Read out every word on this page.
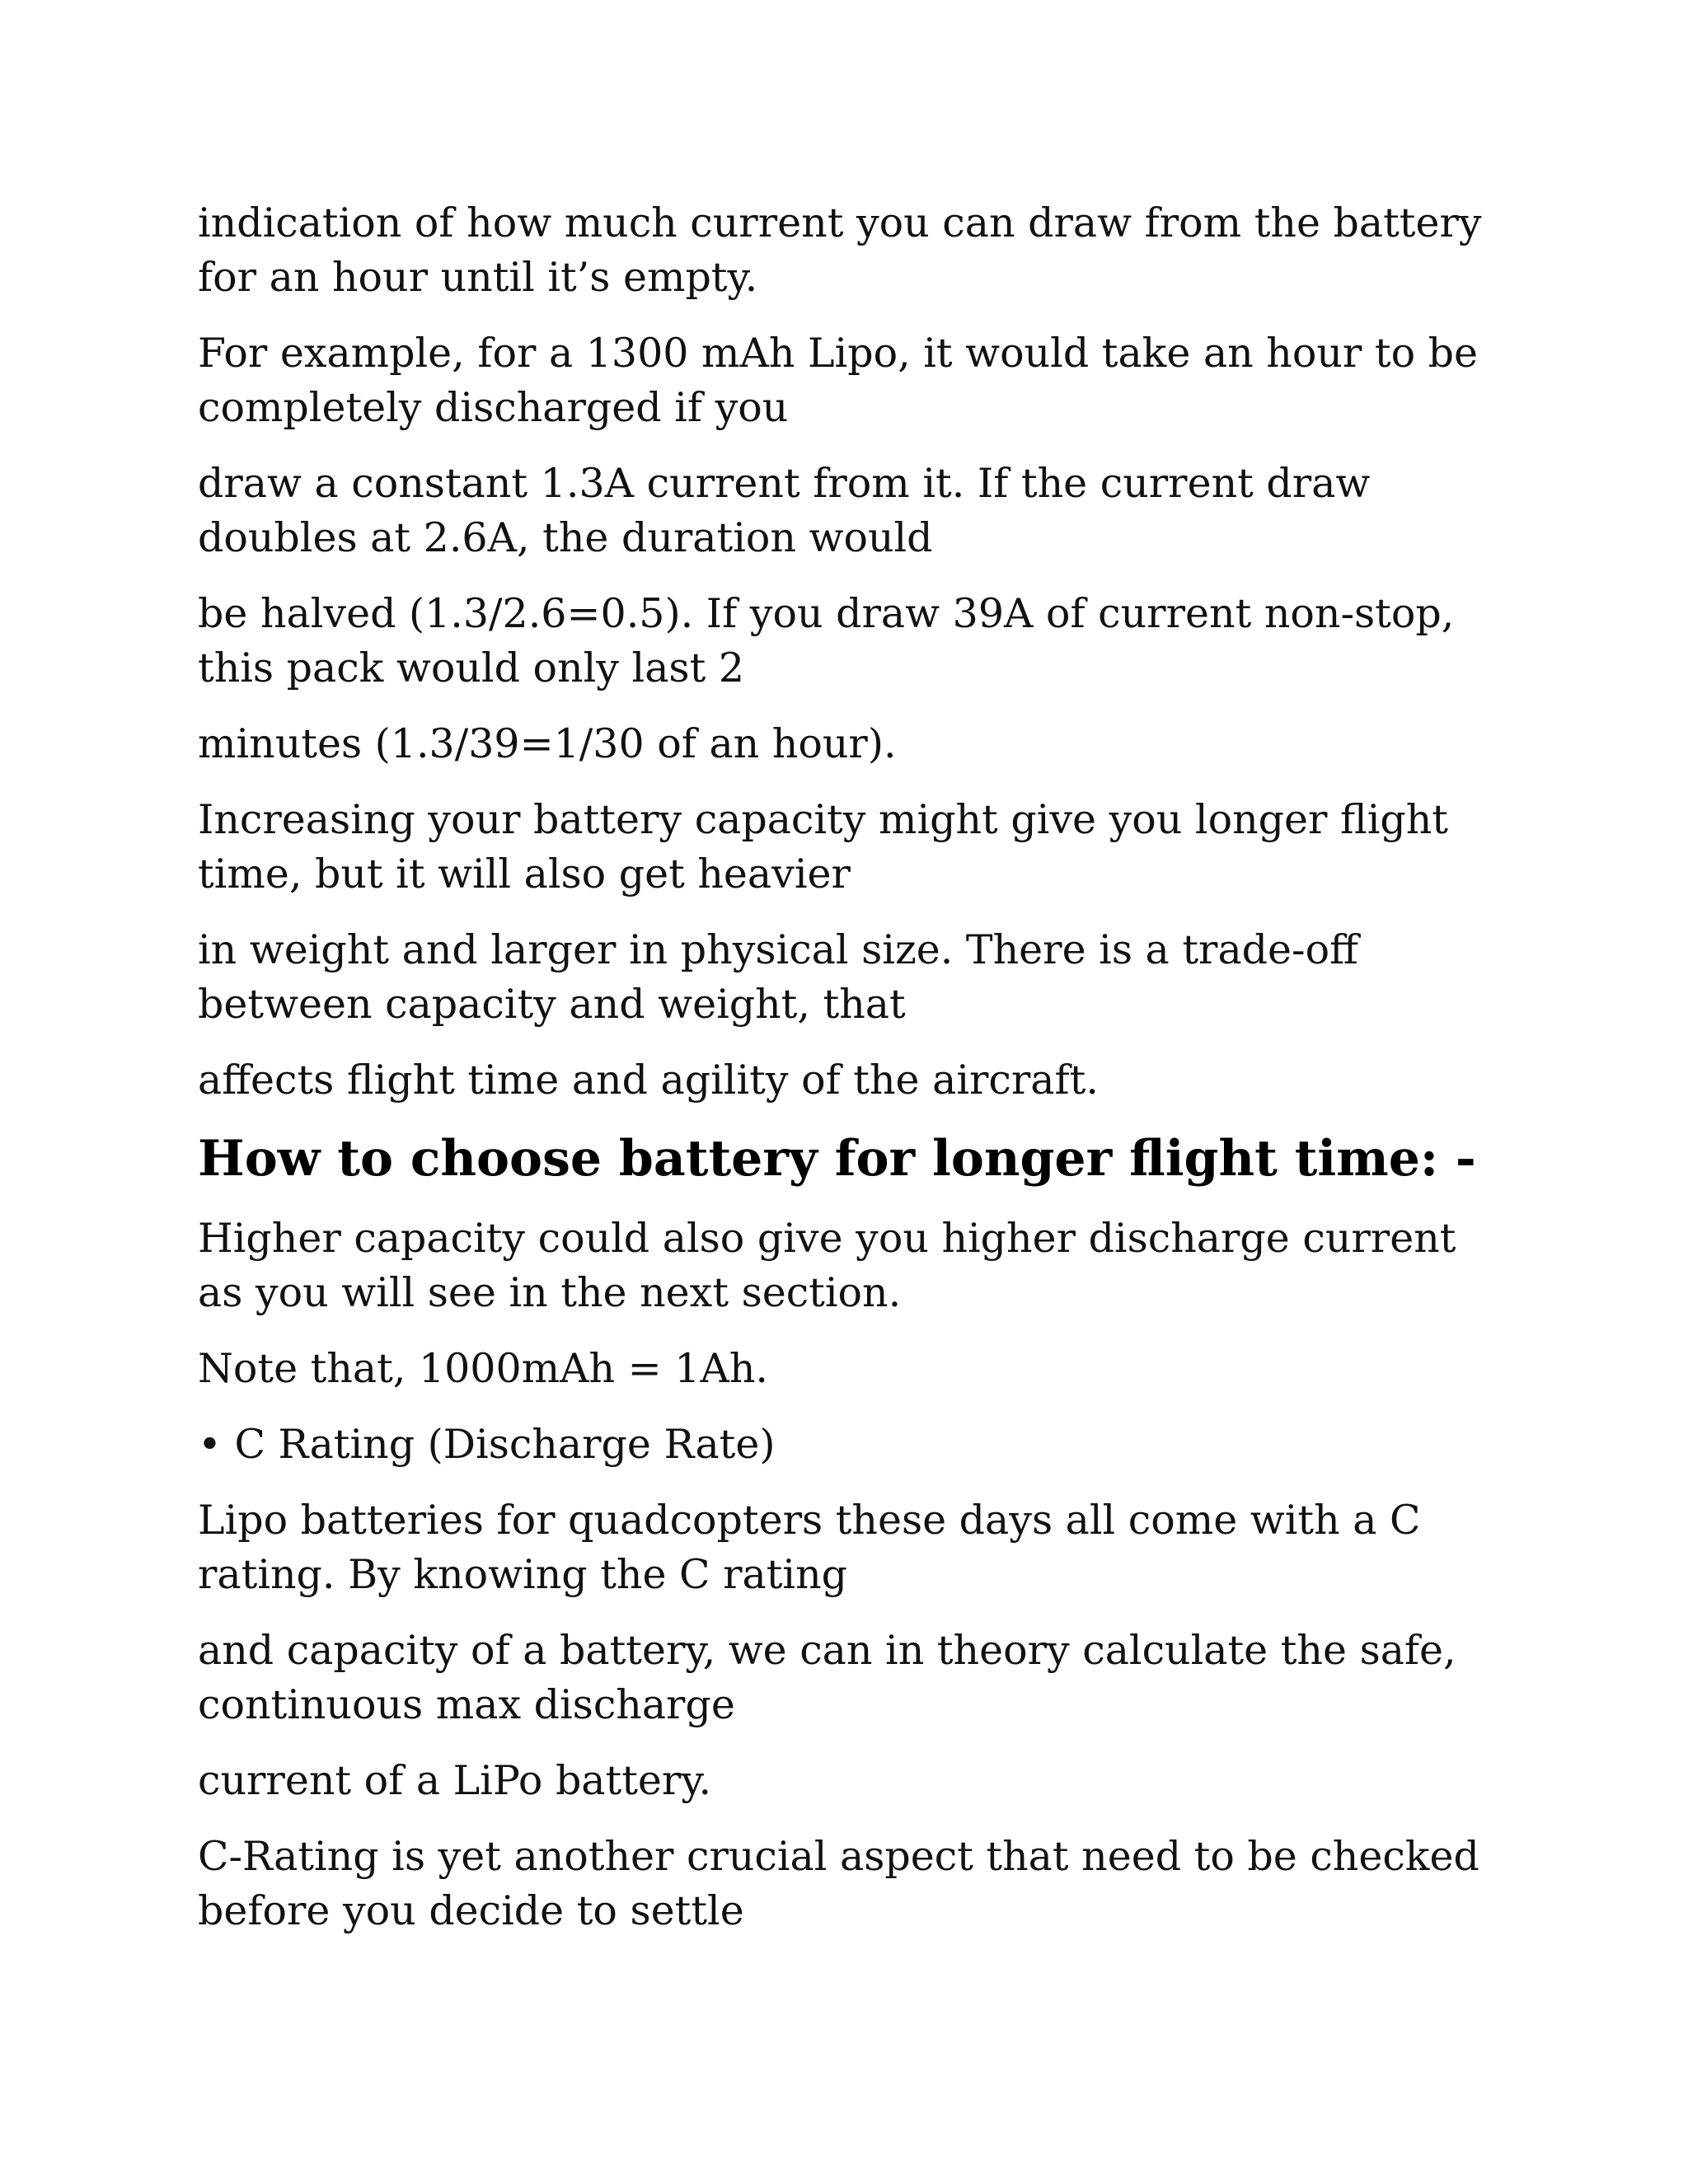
indication of how much current you can draw from the battery for an hour until it’s empty.

For example, for a 1300 mAh Lipo, it would take an hour to be completely discharged if you

draw a constant 1.3A current from it. If the current draw doubles at 2.6A, the duration would

be halved (1.3/2.6=0.5). If you draw 39A of current non-stop, this pack would only last 2

minutes (1.3/39=1/30 of an hour).

Increasing your battery capacity might give you longer flight time, but it will also get heavier

in weight and larger in physical size. There is a trade-off between capacity and weight, that

affects flight time and agility of the aircraft.

How to choose battery for longer flight time: -

Higher capacity could also give you higher discharge current as you will see in the next section.

Note that, 1000mAh = 1Ah.

• C Rating (Discharge Rate)

Lipo batteries for quadcopters these days all come with a C rating. By knowing the C rating

and capacity of a battery, we can in theory calculate the safe, continuous max discharge

current of a LiPo battery.

C-Rating is yet another crucial aspect that need to be checked before you decide to settle
